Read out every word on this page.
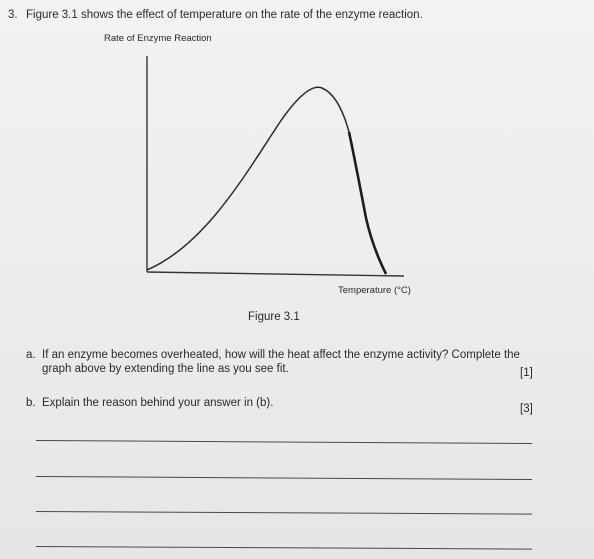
3. Figure 3.1 shows the effect of temperature on the rate of the enzyme reaction.
Rate of Enzyme Reaction
Temperature (°C)
Figure 3.1
a. If an enzyme becomes overheated, how will the heat affect the enzyme activity? Complete the
graph above by extending the line as you see fit.	[1]
b. Explain the reason behind your answer in (b).	[3]
